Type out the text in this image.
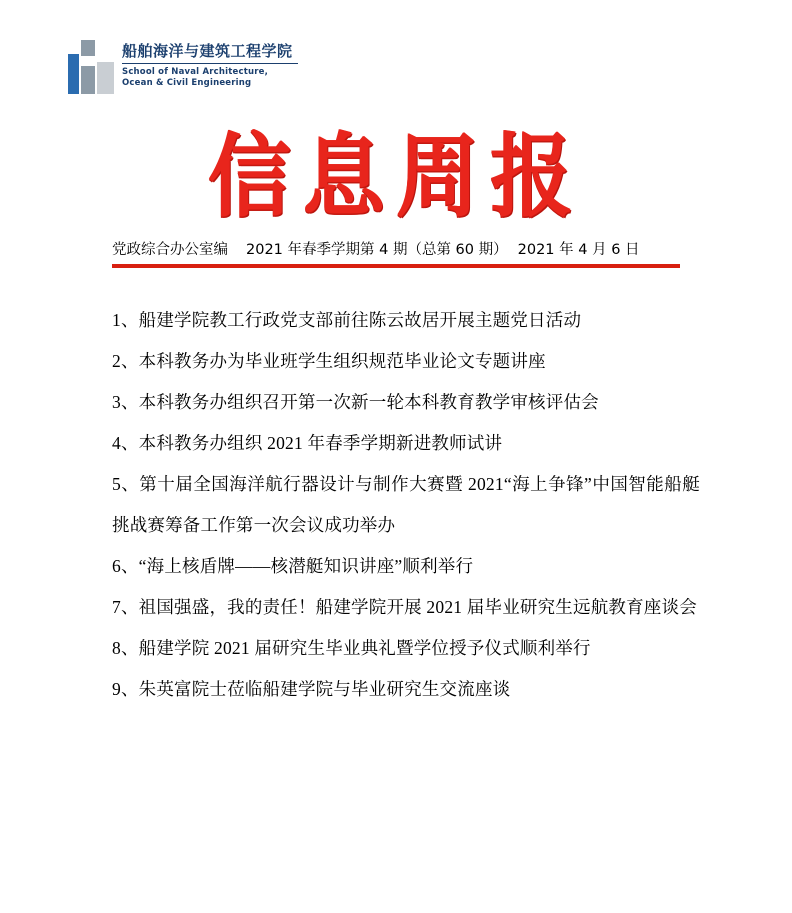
船舶海洋与建筑工程学院
School of Naval Architecture,
Ocean & Civil Engineering
信息周报
党政综合办公室编 2021 年春季学期第 4 期（总第 60 期） 2021 年 4 月 6 日
1、船建学院教工行政党支部前往陈云故居开展主题党日活动
2、本科教务办为毕业班学生组织规范毕业论文专题讲座
3、本科教务办组织召开第一次新一轮本科教育教学审核评估会
4、本科教务办组织 2021 年春季学期新进教师试讲
5、第十届全国海洋航行器设计与制作大赛暨 2021“海上争锋”中国智能船艇挑战赛筹备工作第一次会议成功举办
6、“海上核盾牌——核潜艇知识讲座”顺利举行
7、祖国强盛，我的责任！船建学院开展 2021 届毕业研究生远航教育座谈会
8、船建学院 2021 届研究生毕业典礼暨学位授予仪式顺利举行
9、朱英富院士莅临船建学院与毕业研究生交流座谈
